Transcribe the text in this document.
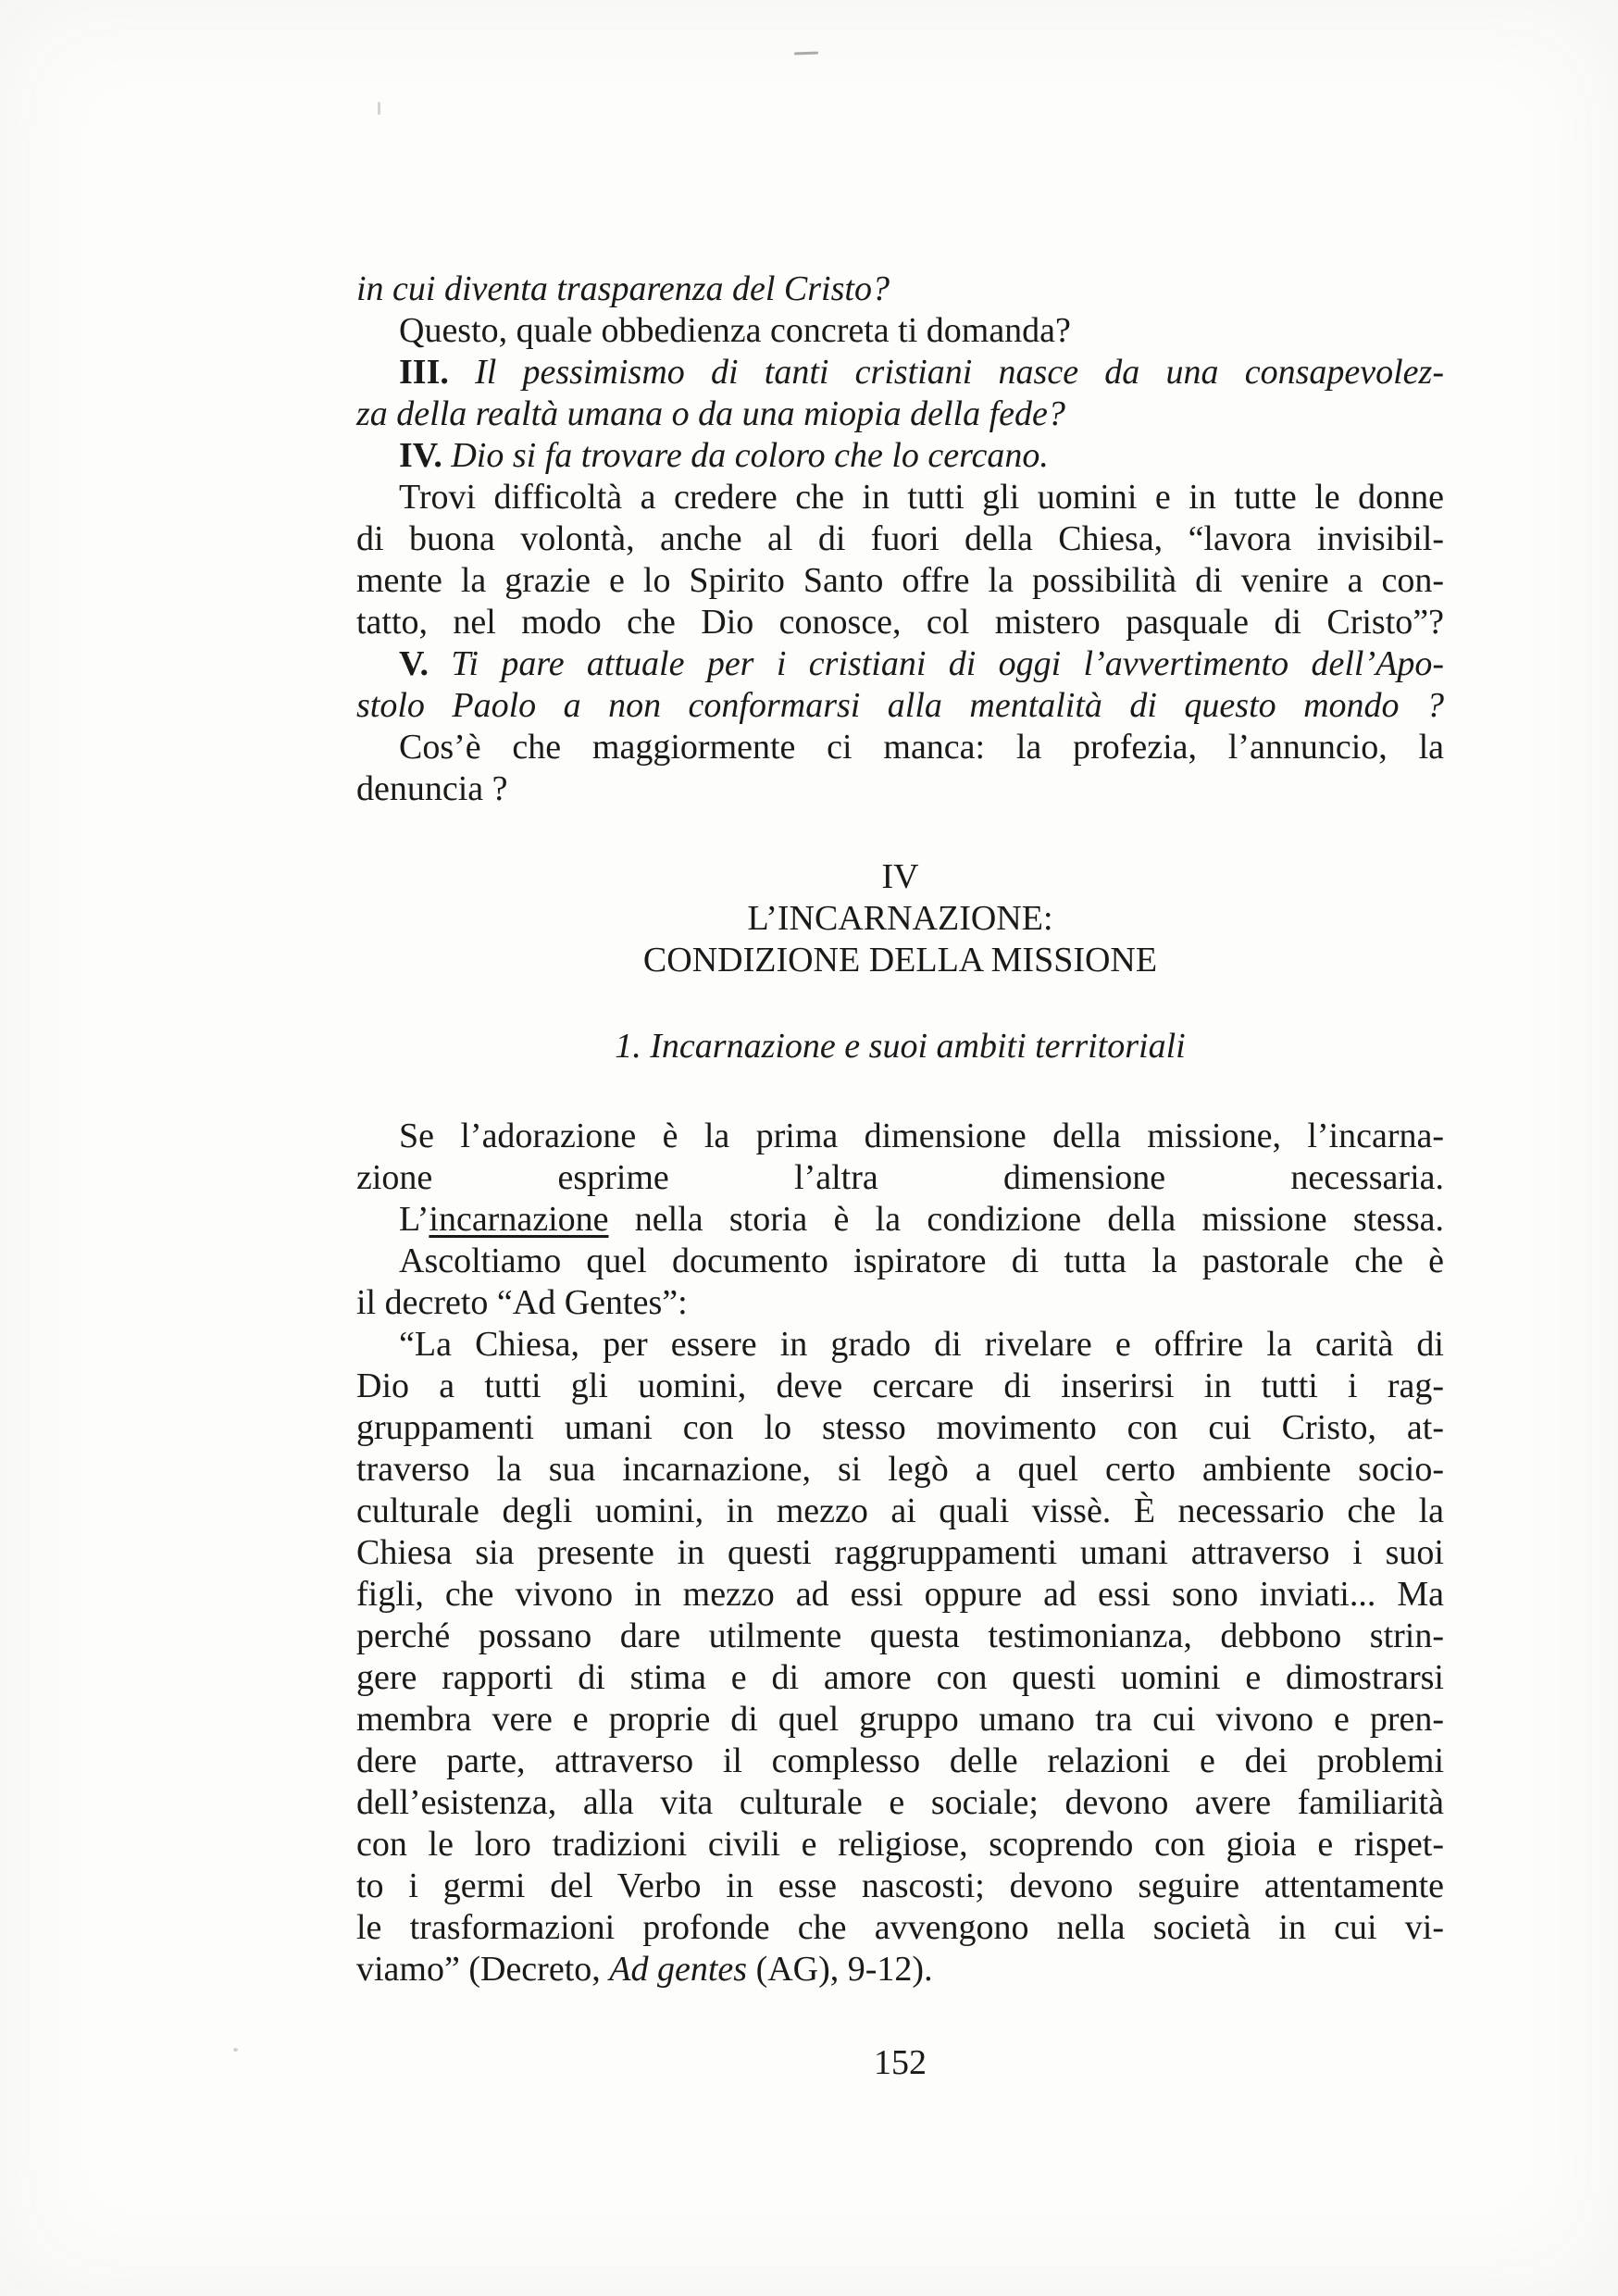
in cui diventa trasparenza del Cristo?
Questo, quale obbedienza concreta ti domanda?
III. Il pessimismo di tanti cristiani nasce da una consapevolez-
za della realtà umana o da una miopia della fede?
IV. Dio si fa trovare da coloro che lo cercano.
Trovi difficoltà a credere che in tutti gli uomini e in tutte le donne
di buona volontà, anche al di fuori della Chiesa, “lavora invisibil-
mente la grazie e lo Spirito Santo offre la possibilità di venire a con-
tatto, nel modo che Dio conosce, col mistero pasquale di Cristo”?
V. Ti pare attuale per i cristiani di oggi l’avvertimento dell’Apo-
stolo Paolo a non conformarsi alla mentalità di questo mondo ?
Cos’è che maggiormente ci manca: la profezia, l’annuncio, la
denuncia ?
IV
L’INCARNAZIONE:
CONDIZIONE DELLA MISSIONE
1. Incarnazione e suoi ambiti territoriali
Se l’adorazione è la prima dimensione della missione, l’incarna-
zione esprime l’altra dimensione necessaria.
L’incarnazione nella storia è la condizione della missione stessa.
Ascoltiamo quel documento ispiratore di tutta la pastorale che è
il decreto “Ad Gentes”:
“La Chiesa, per essere in grado di rivelare e offrire la carità di
Dio a tutti gli uomini, deve cercare di inserirsi in tutti i rag-
gruppamenti umani con lo stesso movimento con cui Cristo, at-
traverso la sua incarnazione, si legò a quel certo ambiente socio-
culturale degli uomini, in mezzo ai quali vissè. È necessario che la
Chiesa sia presente in questi raggruppamenti umani attraverso i suoi
figli, che vivono in mezzo ad essi oppure ad essi sono inviati... Ma
perché possano dare utilmente questa testimonianza, debbono strin-
gere rapporti di stima e di amore con questi uomini e dimostrarsi
membra vere e proprie di quel gruppo umano tra cui vivono e pren-
dere parte, attraverso il complesso delle relazioni e dei problemi
dell’esistenza, alla vita culturale e sociale; devono avere familiarità
con le loro tradizioni civili e religiose, scoprendo con gioia e rispet-
to i germi del Verbo in esse nascosti; devono seguire attentamente
le trasformazioni profonde che avvengono nella società in cui vi-
viamo” (Decreto, Ad gentes (AG), 9-12).
152
